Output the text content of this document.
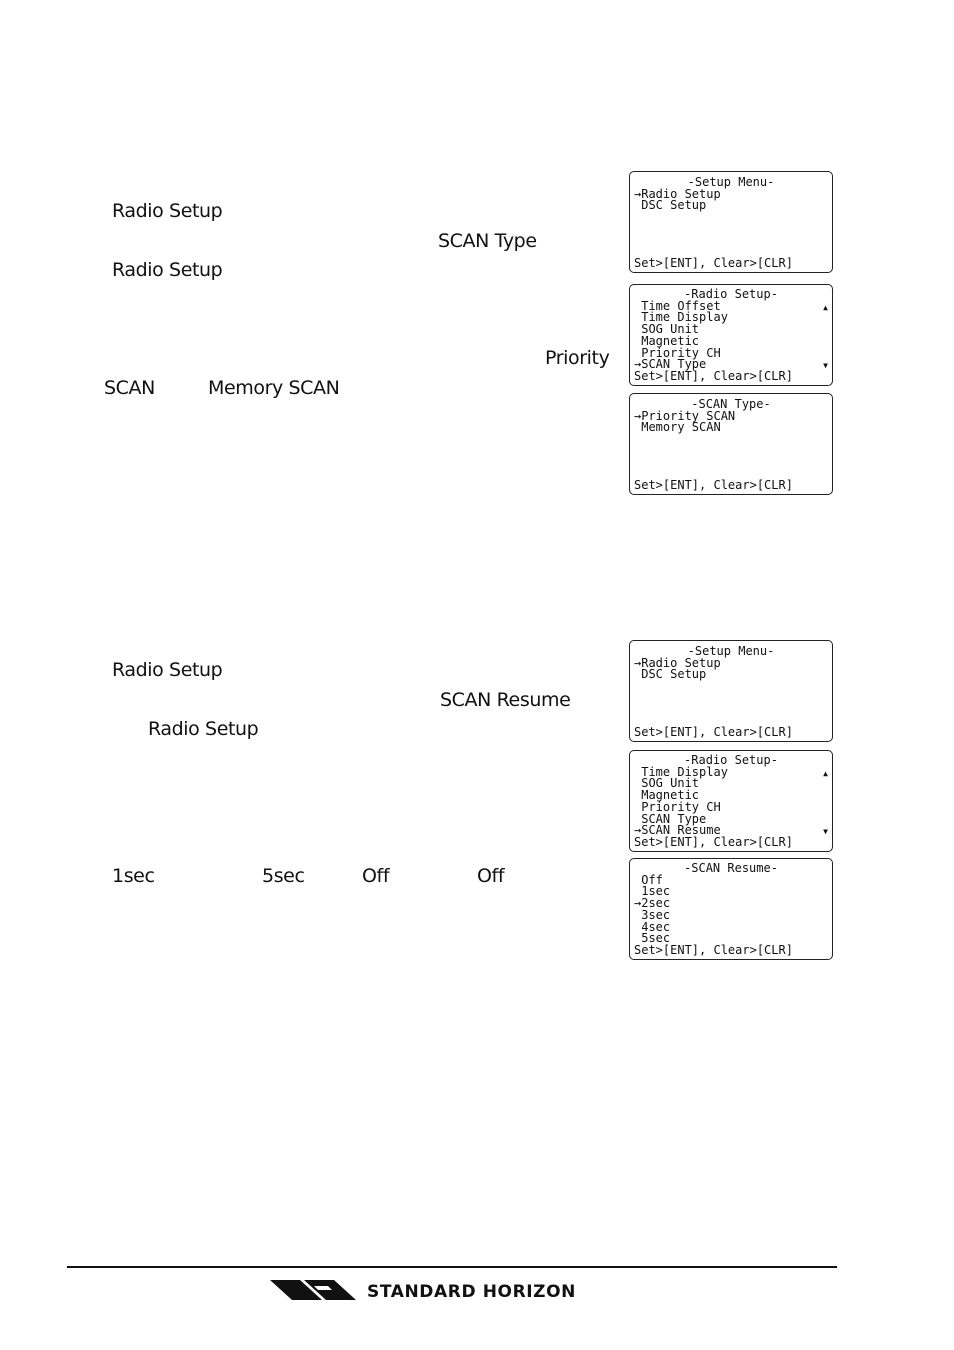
Radio Setup
SCAN Type
Radio Setup
Priority
SCAN	Memory SCAN
-Setup Menu-
→Radio Setup
DSC Setup
Set>[ENT], Clear>[CLR]
-Radio Setup-
Time Offset
Time Display
SOG Unit
Magnetic
Priority CH
→SCAN Type
▲
▼
Set>[ENT], Clear>[CLR]
-SCAN Type-
→Priority SCAN
Memory SCAN
Set>[ENT], Clear>[CLR]
Radio Setup
SCAN Resume
Radio Setup
1sec	5sec	Off	Off
-Setup Menu-
→Radio Setup
DSC Setup
Set>[ENT], Clear>[CLR]
-Radio Setup-
Time Display
SOG Unit
Magnetic
Priority CH
SCAN Type
→SCAN Resume
▲
▼
Set>[ENT], Clear>[CLR]
-SCAN Resume-
Off
1sec
→2sec
3sec
4sec
5sec
Set>[ENT], Clear>[CLR]
STANDARD HORIZON
